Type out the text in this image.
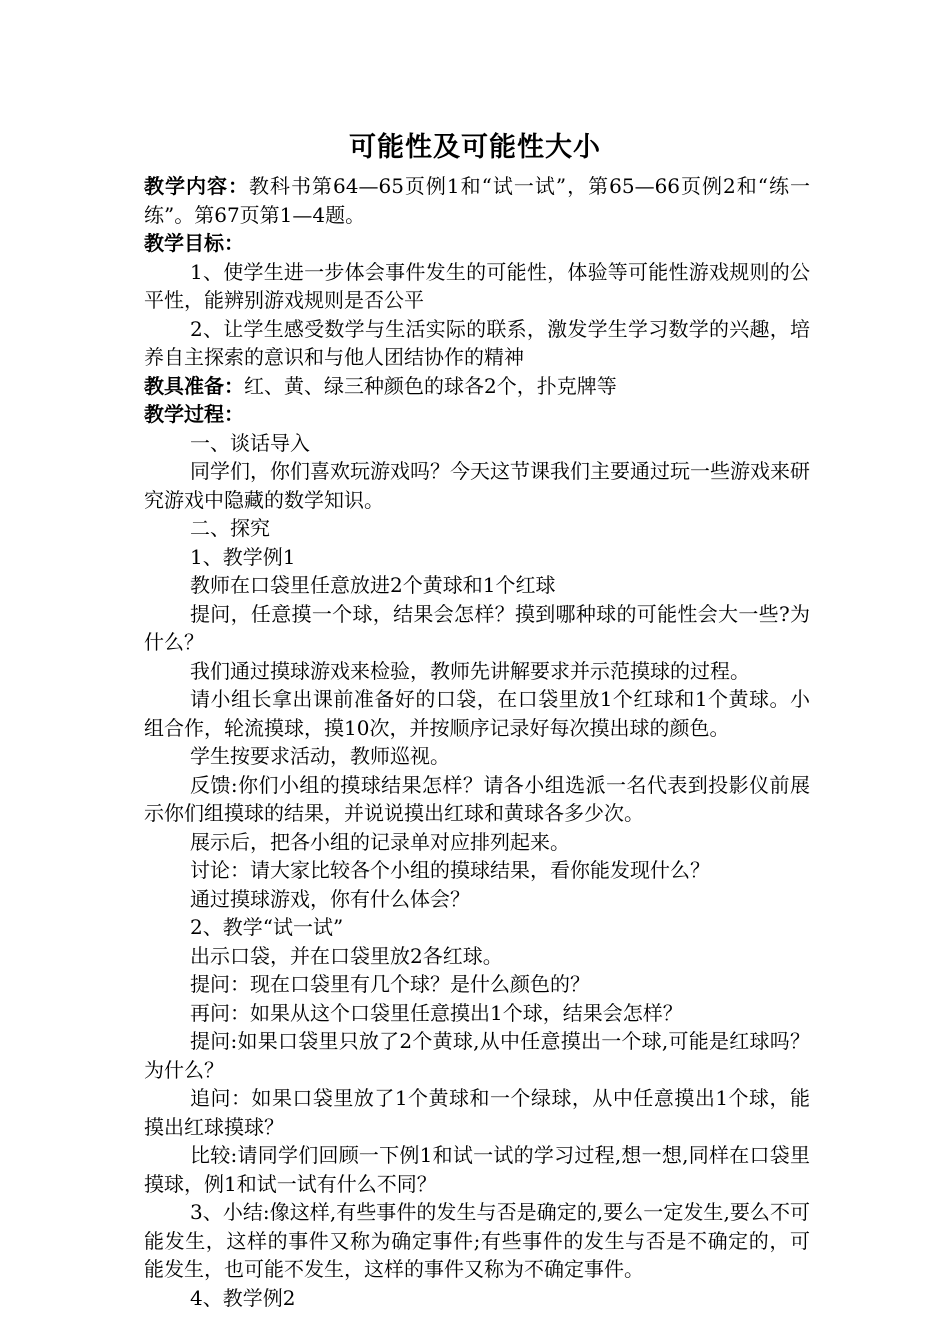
可能性及可能性大小

教学内容：教科书第64—65页例1和“试一试”，第65—66页例2和“练一练”。第67页第1—4题。

教学目标：

1、使学生进一步体会事件发生的可能性，体验等可能性游戏规则的公平性，能辨别游戏规则是否公平

2、让学生感受数学与生活实际的联系，激发学生学习数学的兴趣，培养自主探索的意识和与他人团结协作的精神

教具准备：红、黄、绿三种颜色的球各2个，扑克牌等

教学过程：

一、谈话导入

同学们，你们喜欢玩游戏吗？今天这节课我们主要通过玩一些游戏来研究游戏中隐藏的数学知识。

二、探究

1、教学例1

教师在口袋里任意放进2个黄球和1个红球

提问，任意摸一个球，结果会怎样？摸到哪种球的可能性会大一些?为什么？

我们通过摸球游戏来检验，教师先讲解要求并示范摸球的过程。

请小组长拿出课前准备好的口袋，在口袋里放1个红球和1个黄球。小组合作，轮流摸球，摸10次，并按顺序记录好每次摸出球的颜色。

学生按要求活动，教师巡视。

反馈:你们小组的摸球结果怎样？请各小组选派一名代表到投影仪前展示你们组摸球的结果，并说说摸出红球和黄球各多少次。

展示后，把各小组的记录单对应排列起来。

讨论：请大家比较各个小组的摸球结果，看你能发现什么？

通过摸球游戏，你有什么体会？

2、教学“试一试”

出示口袋，并在口袋里放2各红球。

提问：现在口袋里有几个球？是什么颜色的？

再问：如果从这个口袋里任意摸出1个球，结果会怎样？

提问:如果口袋里只放了2个黄球,从中任意摸出一个球,可能是红球吗？为什么？

追问：如果口袋里放了1个黄球和一个绿球，从中任意摸出1个球，能摸出红球摸球？

比较:请同学们回顾一下例1和试一试的学习过程,想一想,同样在口袋里摸球，例1和试一试有什么不同？

3、小结:像这样,有些事件的发生与否是确定的,要么一定发生,要么不可能发生，这样的事件又称为确定事件;有些事件的发生与否是不确定的，可能发生，也可能不发生，这样的事件又称为不确定事件。

4、教学例2
